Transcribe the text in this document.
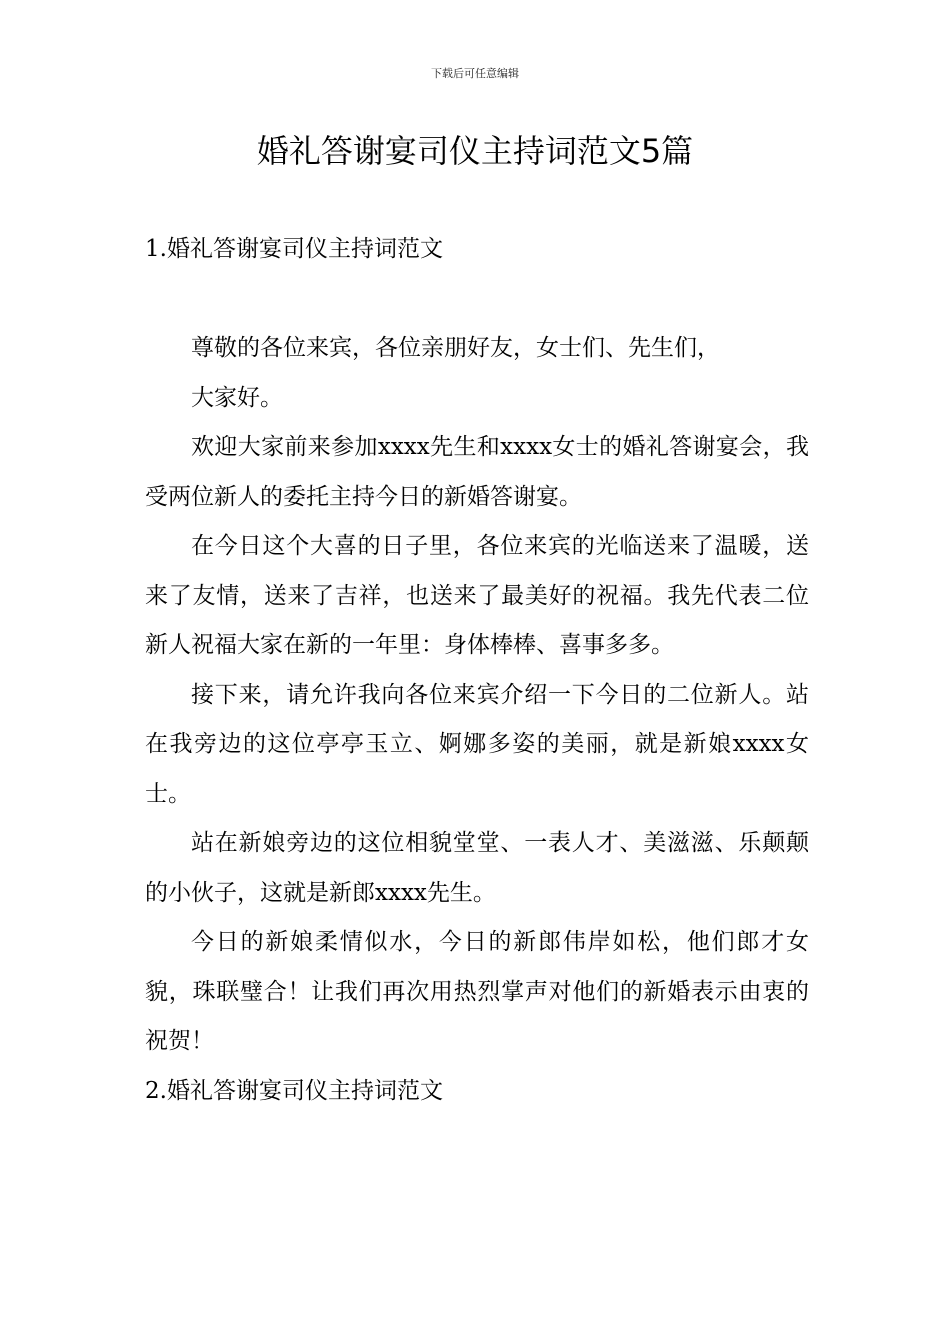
下载后可任意编辑
婚礼答谢宴司仪主持词范文5篇
1.婚礼答谢宴司仪主持词范文

尊敬的各位来宾，各位亲朋好友，女士们、先生们，

大家好。

欢迎大家前来参加xxxx先生和xxxx女士的婚礼答谢宴会，我受两位新人的委托主持今日的新婚答谢宴。

在今日这个大喜的日子里，各位来宾的光临送来了温暖，送来了友情，送来了吉祥，也送来了最美好的祝福。我先代表二位新人祝福大家在新的一年里：身体棒棒、喜事多多。

接下来，请允许我向各位来宾介绍一下今日的二位新人。站在我旁边的这位亭亭玉立、婀娜多姿的美丽，就是新娘xxxx女士。

站在新娘旁边的这位相貌堂堂、一表人才、美滋滋、乐颠颠的小伙子，这就是新郎xxxx先生。

今日的新娘柔情似水，今日的新郎伟岸如松，他们郎才女貌，珠联璧合！让我们再次用热烈掌声对他们的新婚表示由衷的祝贺！

2.婚礼答谢宴司仪主持词范文
